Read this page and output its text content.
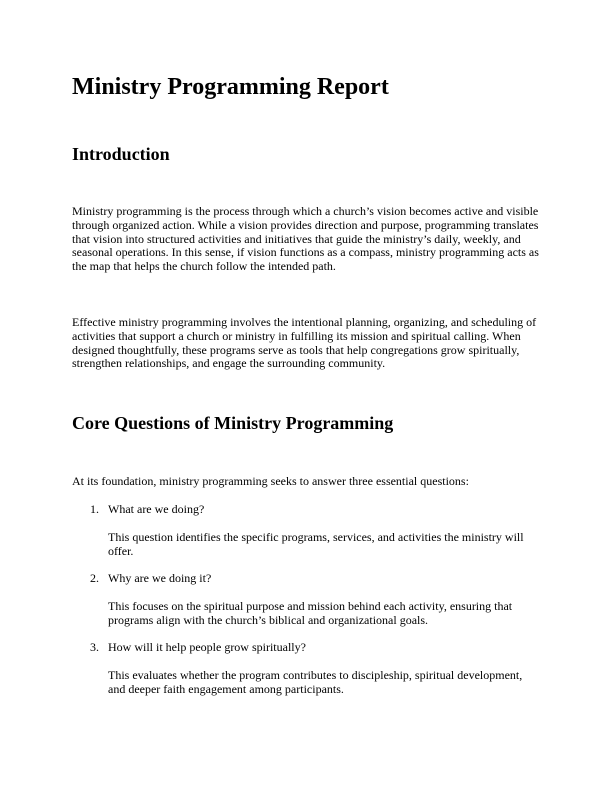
Ministry Programming Report
Introduction

Ministry programming is the process through which a church’s vision becomes active and visible through organized action. While a vision provides direction and purpose, programming translates that vision into structured activities and initiatives that guide the ministry’s daily, weekly, and seasonal operations. In this sense, if vision functions as a compass, ministry programming acts as the map that helps the church follow the intended path.

Effective ministry programming involves the intentional planning, organizing, and scheduling of activities that support a church or ministry in fulfilling its mission and spiritual calling. When designed thoughtfully, these programs serve as tools that help congregations grow spiritually, strengthen relationships, and engage the surrounding community.

Core Questions of Ministry Programming

At its foundation, ministry programming seeks to answer three essential questions:

1. What are we doing?
This question identifies the specific programs, services, and activities the ministry will offer.
2. Why are we doing it?
This focuses on the spiritual purpose and mission behind each activity, ensuring that programs align with the church’s biblical and organizational goals.
3. How will it help people grow spiritually?
This evaluates whether the program contributes to discipleship, spiritual development, and deeper faith engagement among participants.
